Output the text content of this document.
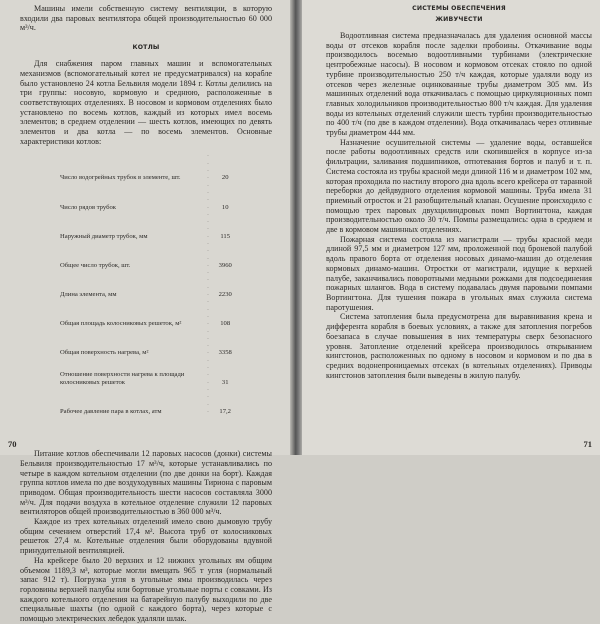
Машины имели собственную систему вентиляции, в которую входили два паровых вентилятора общей производительностью 60 000 м³/ч.

КОТЛЫ

Для снабжения паром главных машин и вспомогательных механизмов (вспомогательный котел не предусматривался) на корабле было установлено 24 котла Бельвиля модели 1894 г. Котлы делились на три группы: носовую, кормовую и среднюю, расположенные в соответствующих отделениях. В носовом и кормовом отделениях было установлено по восемь котлов, каждый из которых имел восемь элементов; в среднем отделении — шесть котлов, имеющих по девять элементов и два котла — по восемь элементов. Основные характеристики котлов:

Число водогрейных трубок в элементе, шт.	. . . .	20
Число рядов трубок	. . . .	10
Наружный диаметр трубок, мм	. . . .	115
Общее число трубок, шт.	. . . .	3960
Длина элемента, мм	. . . .	2230
Общая площадь колосниковых решеток, м²	. . . .	108
Общая поверхность нагрева, м²	. . . .	3358
Отношение поверхности нагрева к площади колосниковых решеток	. . . .	31
Рабочее давление пара в котлах, атм	. . . .	17,2

Питание котлов обеспечивали 12 паровых насосов (донки) системы Бельвиля производительностью 17 м³/ч, которые устанавливались по четыре в каждом котельном отделении (по две донки на борт). Каждая группа котлов имела по две воздуходувных машины Тириона с паровым приводом. Общая производительность шести насосов составляла 3000 м³/ч. Для подачи воздуха в котельное отделение служили 12 паровых вентиляторов общей производительностью в 360 000 м³/ч.

Каждое из трех котельных отделений имело свою дымовую трубу общим сечением отверстий 17,4 м². Высота труб от колосниковых решеток 27,4 м. Котельные отделения были оборудованы вдувной принудительной вентиляцией.

На крейсере было 20 верхних и 12 нижних угольных ям общим объемом 1189,3 м³, которые могли вмещать 965 т угля (нормальный запас 912 т). Погрузка угля в угольные ямы производилась через горловины верхней палубы или бортовые угольные порты с совками. Из каждого котельного отделения на батарейную палубу выходили по две специальные шахты (по одной с каждого борта), через которые с помощью электрических лебедок удаляли шлак.

70
СИСТЕМЫ ОБЕСПЕЧЕНИЯ
ЖИВУЧЕСТИ

Водоотливная система предназначалась для удаления основной массы воды от отсеков корабля после заделки пробоины. Откачивание воды производилось восемью водоотливными турбинами (электрические центробежные насосы). В носовом и кормовом отсеках стояло по одной турбине производительностью 250 т/ч каждая, которые удаляли воду из отсеков через железные оцинкованные трубы диаметром 305 мм. Из машинных отделений вода откачивалась с помощью циркуляционных помп главных холодильников производительностью 800 т/ч каждая. Для удаления воды из котельных отделений служили шесть турбин производительностью по 400 т/ч (по две в каждом отделении). Вода откачивалась через отливные трубы диаметром 444 мм.

Назначение осушительной системы — удаление воды, оставшейся после работы водоотливных средств или скопившейся в корпусе из-за фильтрации, заливания подшипников, отпотевания бортов и палуб и т. п. Система состояла из трубы красной меди длиной 116 м и диаметром 102 мм, которая проходила по настилу второго дна вдоль всего крейсера от таранной переборки до дейдвудного отделения кормовой машины. Труба имела 31 приемный отросток и 21 разобщительный клапан. Осушение происходило с помощью трех паровых двухцилиндровых помп Вортингтона, каждая производительностью около 30 т/ч. Помпы размещались: одна в среднем и две в кормовом машинных отделениях.

Пожарная система состояла из магистрали — трубы красной меди длиной 97,5 мм и диаметром 127 мм, проложенной под броневой палубой вдоль правого борта от отделения носовых динамо-машин до отделения кормовых динамо-машин. Отростки от магистрали, идущие к верхней палубе, заканчивались поворотными медными рожками для подсоединения пожарных шлангов. Вода в систему подавалась двумя паровыми помпами Вортингтона. Для тушения пожара в угольных ямах служила система паротушения.

Система затопления была предусмотрена для выравнивания крена и дифферента корабля в боевых условиях, а также для затопления погребов боезапаса в случае повышения в них температуры сверх безопасного уровня. Затопление отделений крейсера производилось открыванием кингстонов, расположенных по одному в носовом и кормовом и по два в средних водонепроницаемых отсеках (в котельных отделениях). Приводы кингстонов затопления были выведены в жилую палубу.

71
